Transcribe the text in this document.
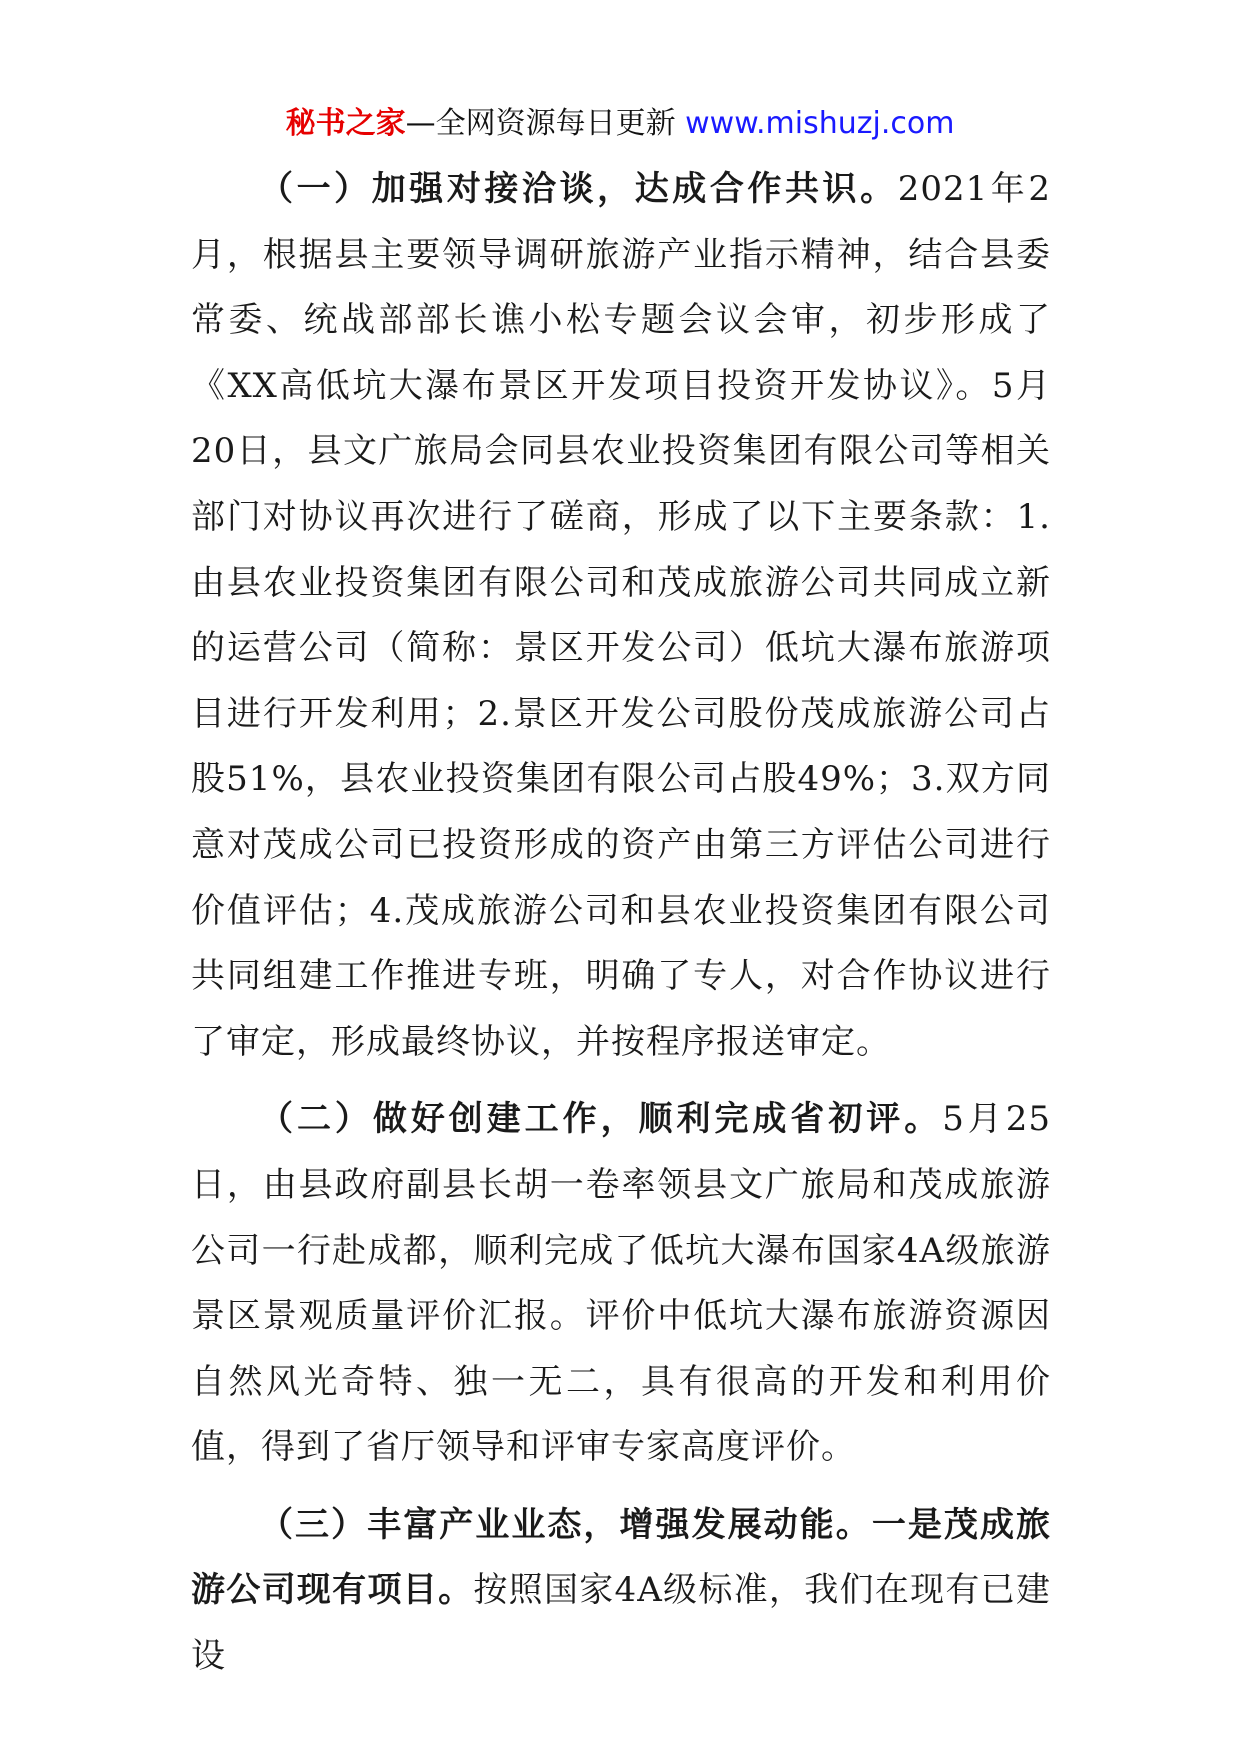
秘书之家—全网资源每日更新 www.mishuzj.com

（一）加强对接洽谈，达成合作共识。2021年2月，根据县主要领导调研旅游产业指示精神，结合县委常委、统战部部长谯小松专题会议会审，初步形成了《XX高低坑大瀑布景区开发项目投资开发协议》。5月20日，县文广旅局会同县农业投资集团有限公司等相关部门对协议再次进行了磋商，形成了以下主要条款：1.由县农业投资集团有限公司和茂成旅游公司共同成立新的运营公司（简称：景区开发公司）低坑大瀑布旅游项目进行开发利用；2.景区开发公司股份茂成旅游公司占股51%，县农业投资集团有限公司占股49%；3.双方同意对茂成公司已投资形成的资产由第三方评估公司进行价值评估；4.茂成旅游公司和县农业投资集团有限公司共同组建工作推进专班，明确了专人，对合作协议进行了审定，形成最终协议，并按程序报送审定。

（二）做好创建工作，顺利完成省初评。5月25日，由县政府副县长胡一卷率领县文广旅局和茂成旅游公司一行赴成都，顺利完成了低坑大瀑布国家4A级旅游景区景观质量评价汇报。评价中低坑大瀑布旅游资源因自然风光奇特、独一无二，具有很高的开发和利用价值，得到了省厅领导和评审专家高度评价。

（三）丰富产业业态，增强发展动能。一是茂成旅游公司现有项目。按照国家4A级标准，我们在现有已建设
